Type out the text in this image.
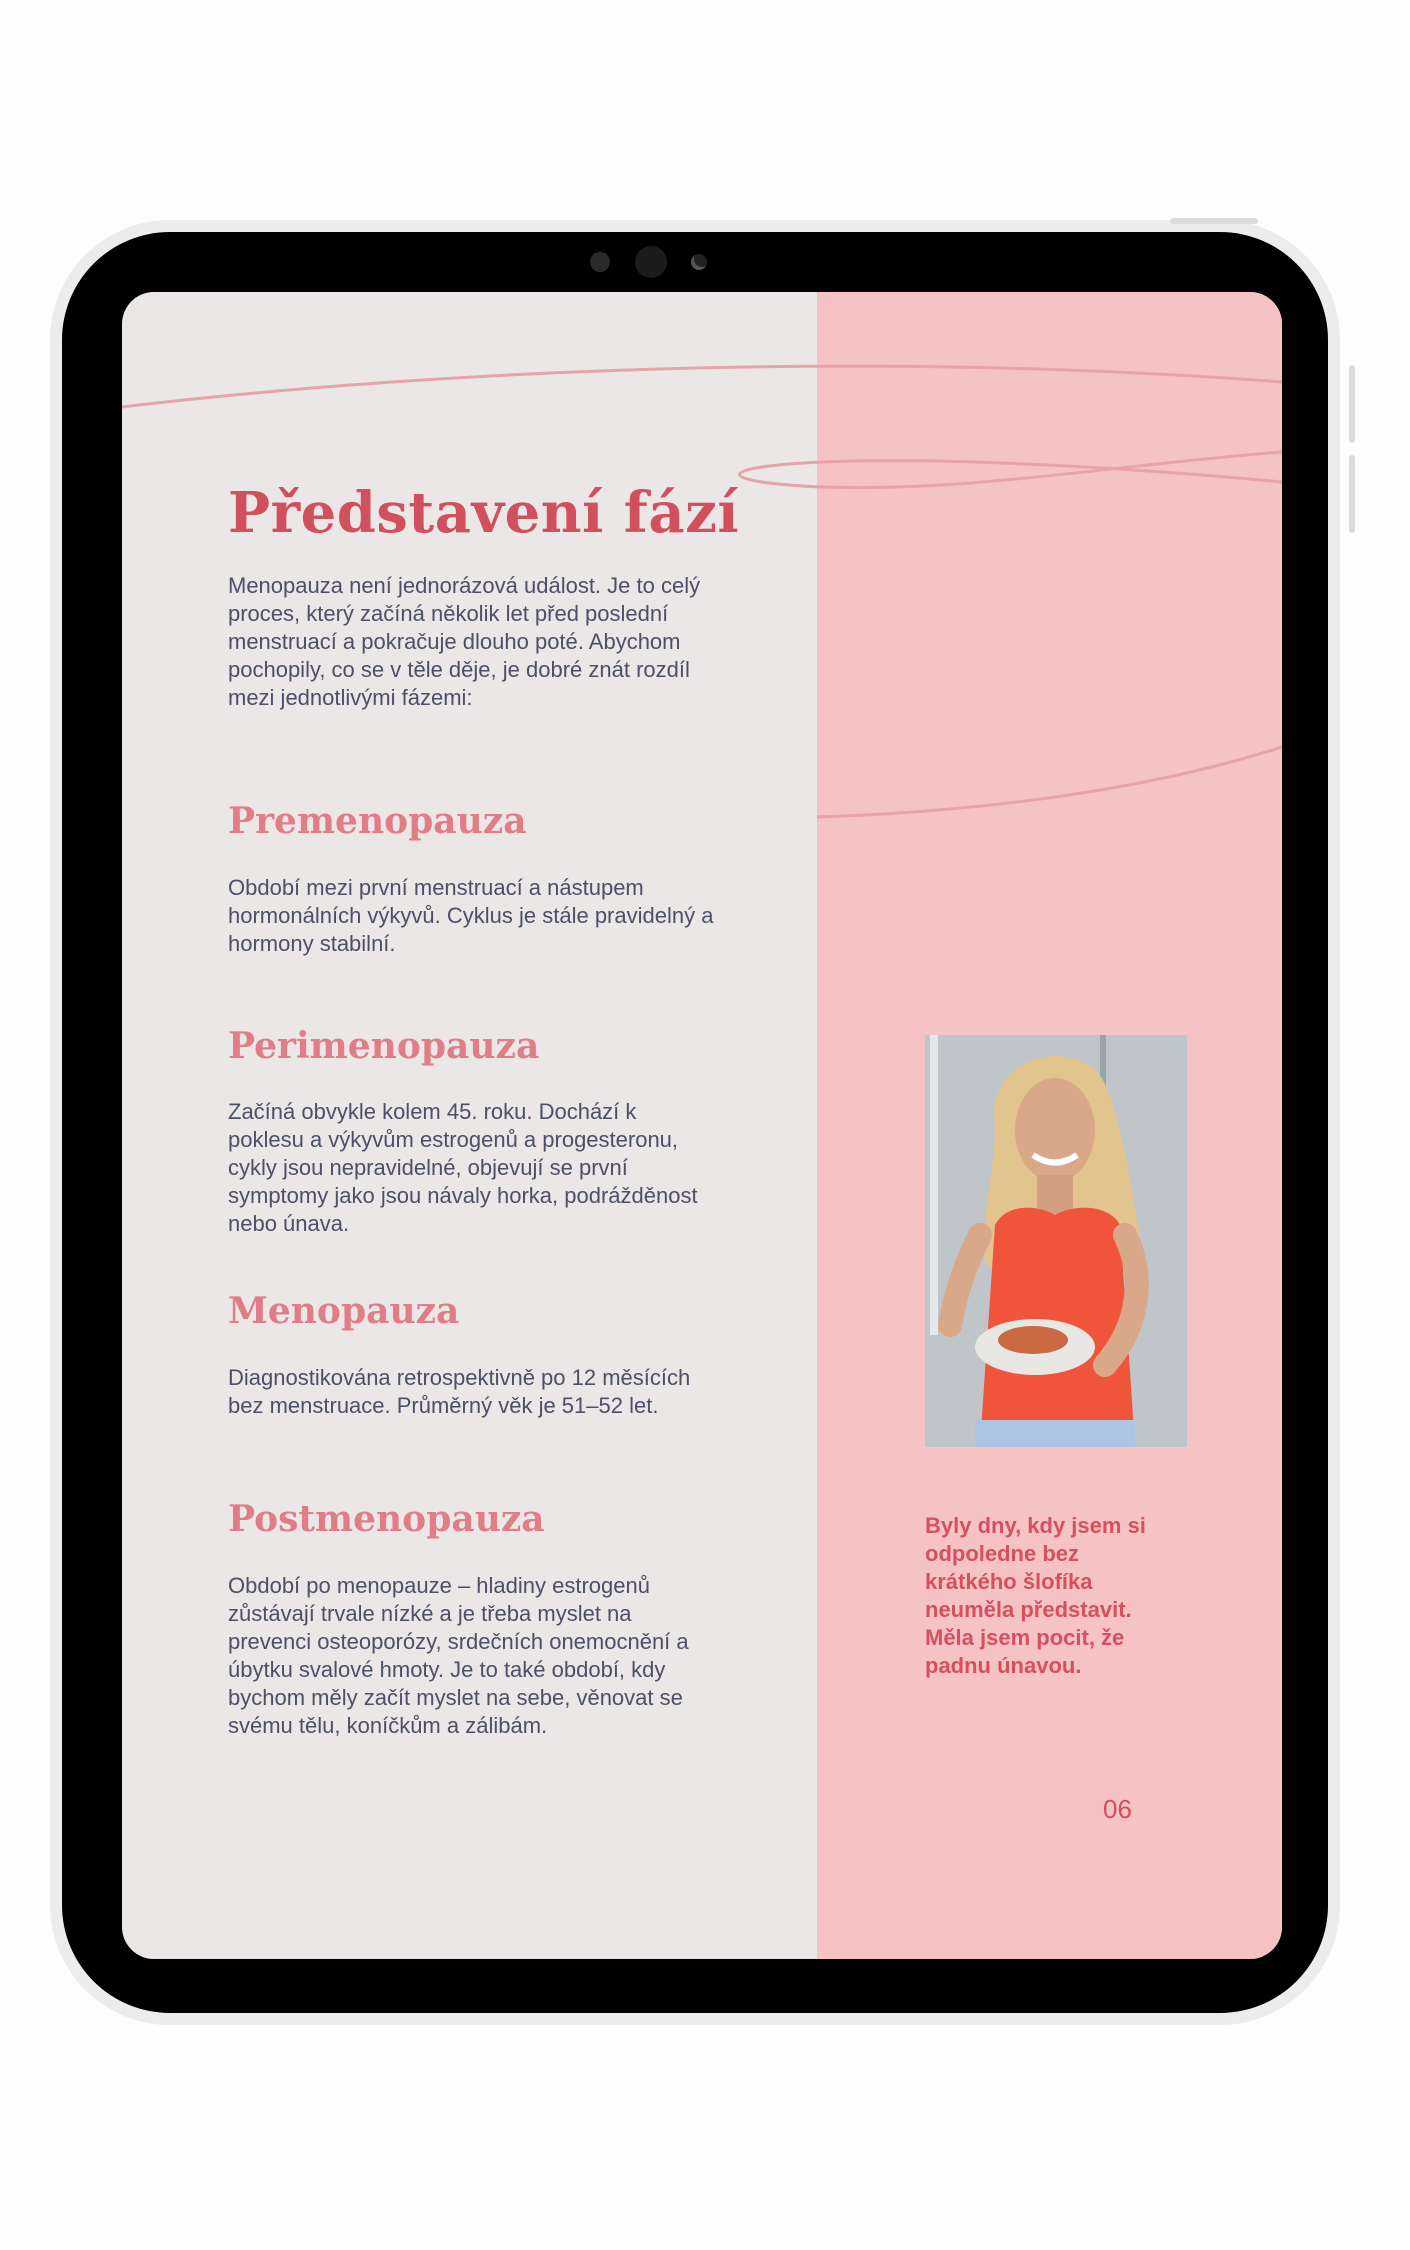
Představení fází

Menopauza není jednorázová událost. Je to celý proces, který začíná několik let před poslední menstruací a pokračuje dlouho poté. Abychom pochopily, co se v těle děje, je dobré znát rozdíl mezi jednotlivými fázemi:

Premenopauza

Období mezi první menstruací a nástupem hormonálních výkyvů. Cyklus je stále pravidelný a hormony stabilní.

Perimenopauza

Začíná obvykle kolem 45. roku. Dochází k poklesu a výkyvům estrogenů a progesteronu, cykly jsou nepravidelné, objevují se první symptomy jako jsou návaly horka, podrážděnost nebo únava.

Menopauza

Diagnostikována retrospektivně po 12 měsících bez menstruace. Průměrný věk je 51–52 let.

Postmenopauza

Období po menopauze – hladiny estrogenů zůstávají trvale nízké a je třeba myslet na prevenci osteoporózy, srdečních onemocnění a úbytku svalové hmoty. Je to také období, kdy bychom měly začít myslet na sebe, věnovat se svému tělu, koníčkům a zálibám.

Byly dny, kdy jsem si odpoledne bez krátkého šlofíka neuměla představit. Měla jsem pocit, že padnu únavou.

06
